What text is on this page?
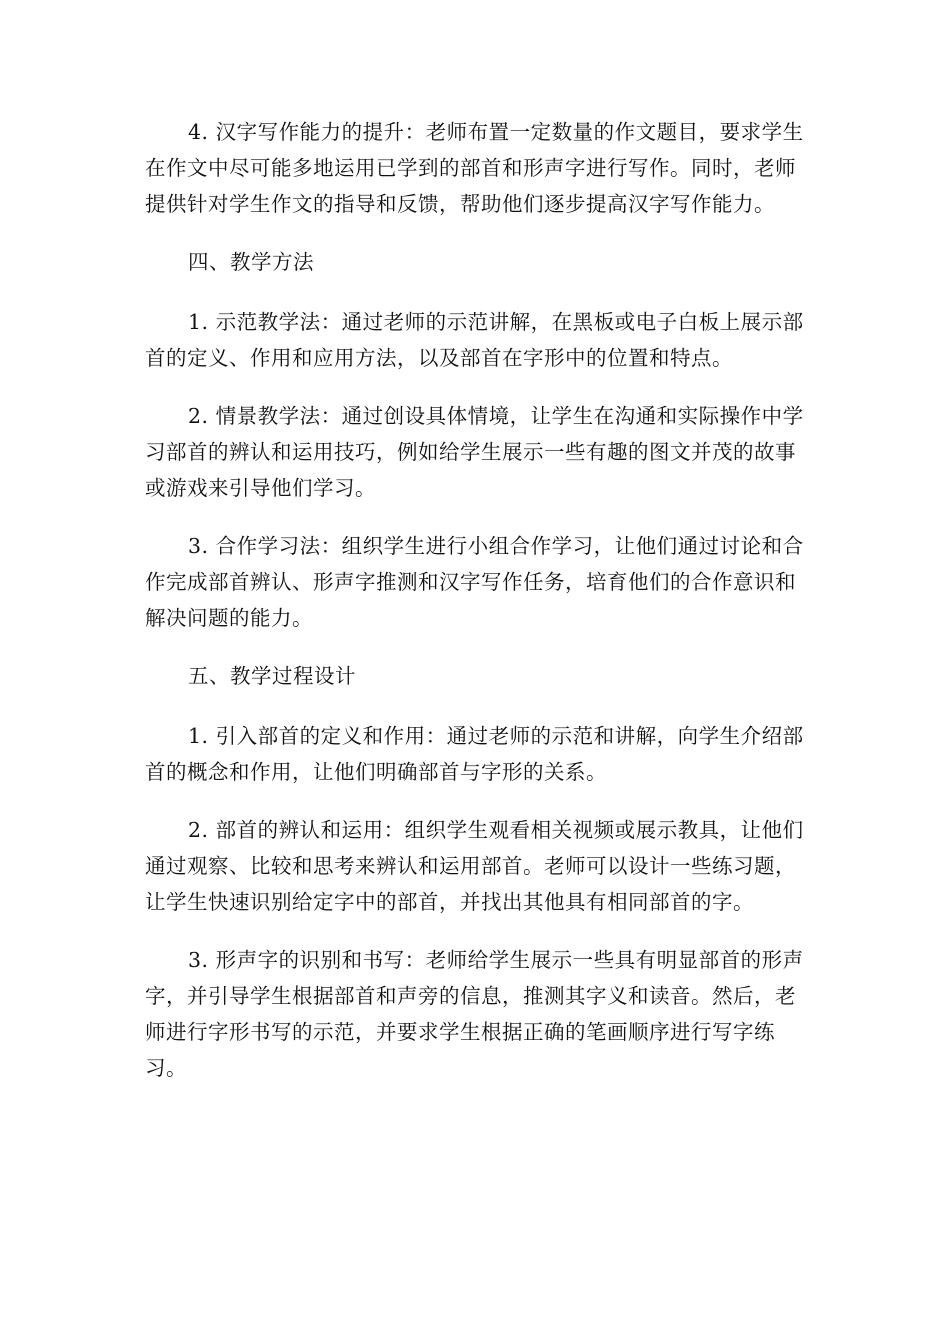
4. 汉字写作能力的提升：老师布置一定数量的作文题目，要求学生在作文中尽可能多地运用已学到的部首和形声字进行写作。同时，老师提供针对学生作文的指导和反馈，帮助他们逐步提高汉字写作能力。

四、教学方法

1. 示范教学法：通过老师的示范讲解，在黑板或电子白板上展示部首的定义、作用和应用方法，以及部首在字形中的位置和特点。

2. 情景教学法：通过创设具体情境，让学生在沟通和实际操作中学习部首的辨认和运用技巧，例如给学生展示一些有趣的图文并茂的故事或游戏来引导他们学习。

3. 合作学习法：组织学生进行小组合作学习，让他们通过讨论和合作完成部首辨认、形声字推测和汉字写作任务，培育他们的合作意识和解决问题的能力。

五、教学过程设计

1. 引入部首的定义和作用：通过老师的示范和讲解，向学生介绍部首的概念和作用，让他们明确部首与字形的关系。

2. 部首的辨认和运用：组织学生观看相关视频或展示教具，让他们通过观察、比较和思考来辨认和运用部首。老师可以设计一些练习题，让学生快速识别给定字中的部首，并找出其他具有相同部首的字。

3. 形声字的识别和书写：老师给学生展示一些具有明显部首的形声字，并引导学生根据部首和声旁的信息，推测其字义和读音。然后，老师进行字形书写的示范，并要求学生根据正确的笔画顺序进行写字练习。
